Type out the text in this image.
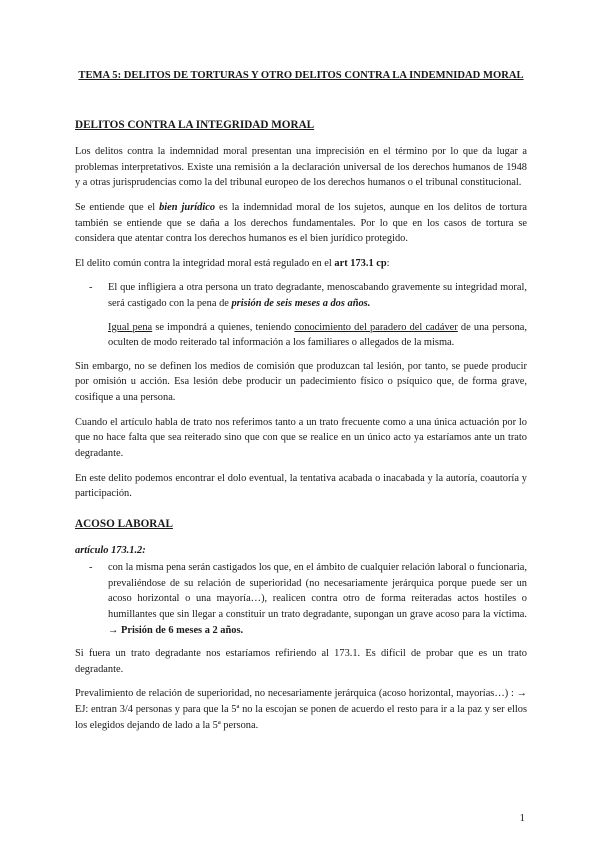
TEMA 5: DELITOS DE TORTURAS Y OTRO DELITOS CONTRA LA INDEMNIDAD MORAL
DELITOS CONTRA LA INTEGRIDAD MORAL

Los delitos contra la indemnidad moral presentan una imprecisión en el término por lo que da lugar a problemas interpretativos. Existe una remisión a la declaración universal de los derechos humanos de 1948 y a otras jurisprudencias como la del tribunal europeo de los derechos humanos o el tribunal constitucional.

Se entiende que el bien jurídico es la indemnidad moral de los sujetos, aunque en los delitos de tortura también se entiende que se daña a los derechos fundamentales. Por lo que en los casos de tortura se considera que atentar contra los derechos humanos es el bien jurídico protegido.

El delito común contra la integridad moral está regulado en el art 173.1 cp:

-	El que infligiera a otra persona un trato degradante, menoscabando gravemente su integridad moral, será castigado con la pena de prisión de seis meses a dos años.
Igual pena se impondrá a quienes, teniendo conocimiento del paradero del cadáver de una persona, oculten de modo reiterado tal información a los familiares o allegados de la misma.

Sin embargo, no se definen los medios de comisión que produzcan tal lesión, por tanto, se puede producir por omisión u acción. Esa lesión debe producir un padecimiento físico o psíquico que, de forma grave, cosifique a una persona.

Cuando el artículo habla de trato nos referimos tanto a un trato frecuente como a una única actuación por lo que no hace falta que sea reiterado sino que con que se realice en un único acto ya estaríamos ante un trato degradante.

En este delito podemos encontrar el dolo eventual, la tentativa acabada o inacabada y la autoría, coautoría y participación.

ACOSO LABORAL
artículo 173.1.2:
-	con la misma pena serán castigados los que, en el ámbito de cualquier relación laboral o funcionaria, prevaliéndose de su relación de superioridad (no necesariamente jerárquica porque puede ser un acoso horizontal o una mayoría…), realicen contra otro de forma reiteradas actos hostiles o humillantes que sin llegar a constituir un trato degradante, supongan un grave acoso para la víctima. → Prisión de 6 meses a 2 años.

Si fuera un trato degradante nos estaríamos refiriendo al 173.1. Es difícil de probar que es un trato degradante.

Prevalimiento de relación de superioridad, no necesariamente jerárquica (acoso horizontal, mayorías…) : → EJ: entran 3/4 personas y para que la 5ª no la escojan se ponen de acuerdo el resto para ir a la paz y ser ellos los elegidos dejando de lado a la 5ª persona.

1
